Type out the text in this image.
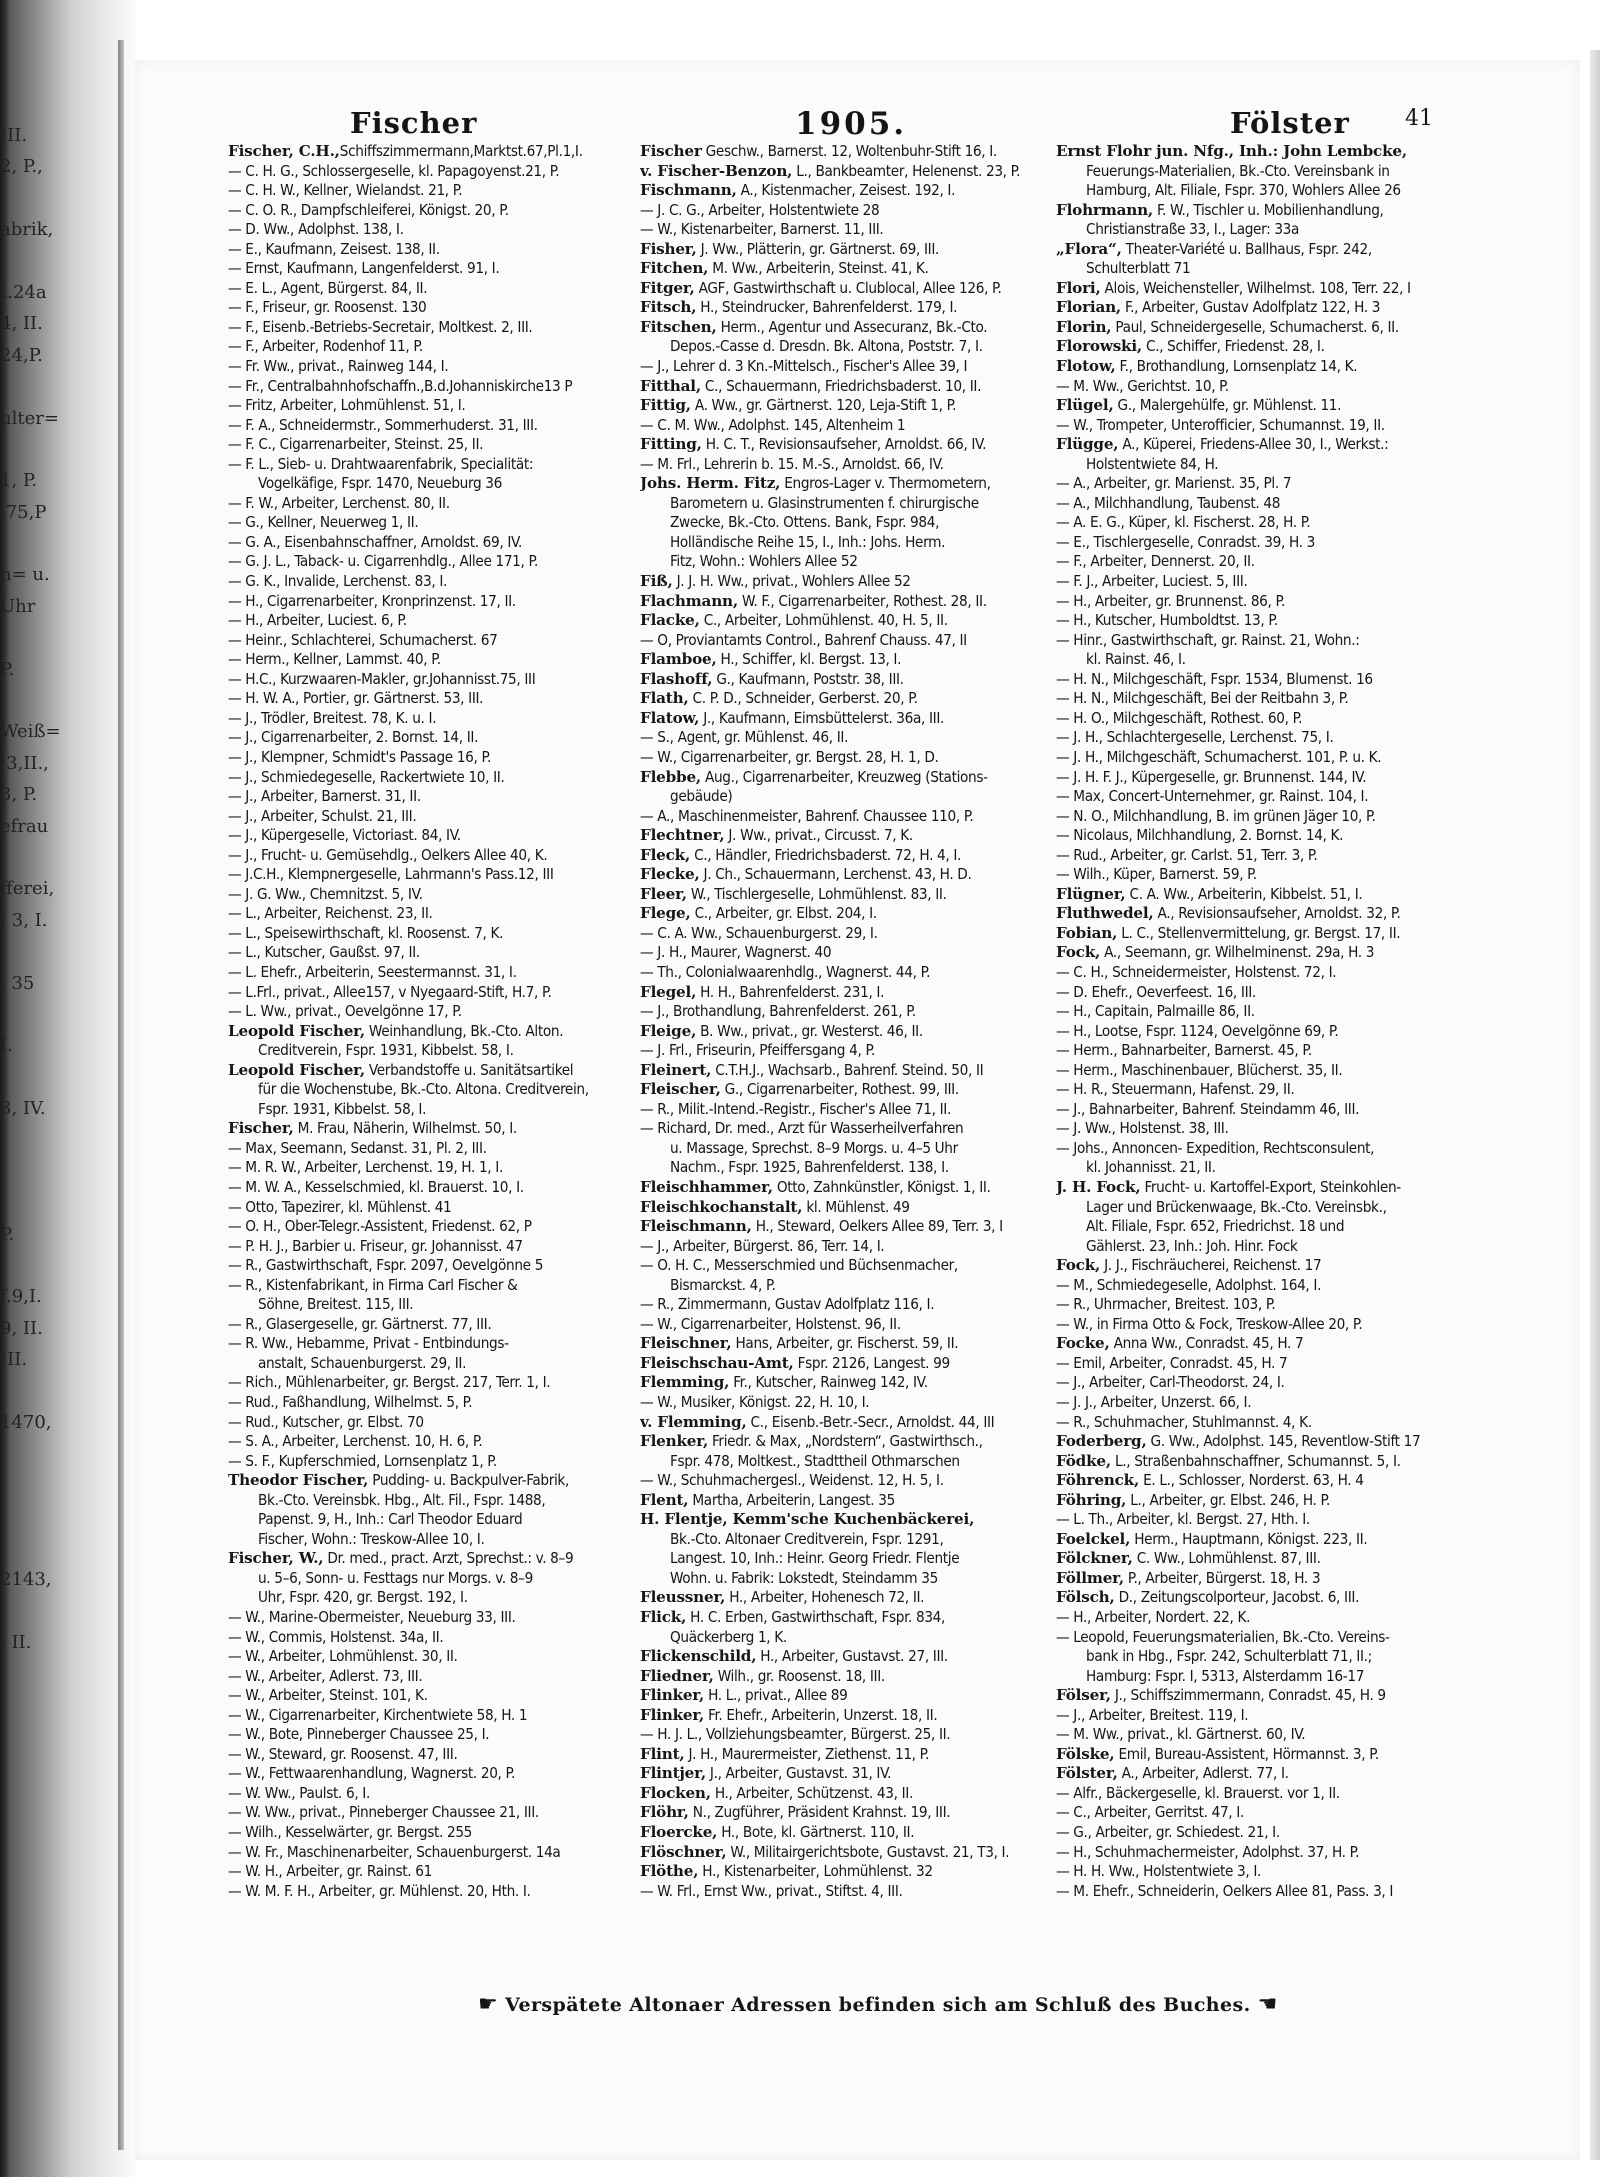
III.
2, P.,
abrik,
t.24a
4, II.
24,P.
ulter=
1, P.
.75,P
n= u.
Uhr
P.
Weiß=
:3,II.,
3, P.
efrau
fferei,
: 3, I.
. 35
I.
3, IV.
P.
f.9,I.
9, II.
III.
1470,
2143,
. II.
Fischer	1905.	Fölster	41
Fischer, C.H.,Schiffszimmermann,Marktst.67,Pl.1,I.
— C. H. G., Schlossergeselle, kl. Papagoyenst.21, P.
— C. H. W., Kellner, Wielandst. 21, P.
— C. O. R., Dampfschleiferei, Königst. 20, P.
— D. Ww., Adolphst. 138, I.
— E., Kaufmann, Zeisest. 138, II.
— Ernst, Kaufmann, Langenfelderst. 91, I.
— E. L., Agent, Bürgerst. 84, II.
— F., Friseur, gr. Roosenst. 130
— F., Eisenb.-Betriebs-Secretair, Moltkest. 2, III.
— F., Arbeiter, Rodenhof 11, P.
— Fr. Ww., privat., Rainweg 144, I.
— Fr., Centralbahnhofschaffn.,B.d.Johanniskirche13 P
— Fritz, Arbeiter, Lohmühlenst. 51, I.
— F. A., Schneidermstr., Sommerhuderst. 31, III.
— F. C., Cigarrenarbeiter, Steinst. 25, II.
— F. L., Sieb- u. Drahtwaarenfabrik, Specialität:
Vogelkäfige, Fspr. 1470, Neueburg 36
— F. W., Arbeiter, Lerchenst. 80, II.
— G., Kellner, Neuerweg 1, II.
— G. A., Eisenbahnschaffner, Arnoldst. 69, IV.
— G. J. L., Taback- u. Cigarrenhdlg., Allee 171, P.
— G. K., Invalide, Lerchenst. 83, I.
— H., Cigarrenarbeiter, Kronprinzenst. 17, II.
— H., Arbeiter, Luciest. 6, P.
— Heinr., Schlachterei, Schumacherst. 67
— Herm., Kellner, Lammst. 40, P.
— H.C., Kurzwaaren-Makler, gr.Johannisst.75, III
— H. W. A., Portier, gr. Gärtnerst. 53, III.
— J., Trödler, Breitest. 78, K. u. I.
— J., Cigarrenarbeiter, 2. Bornst. 14, II.
— J., Klempner, Schmidt's Passage 16, P.
— J., Schmiedegeselle, Rackertwiete 10, II.
— J., Arbeiter, Barnerst. 31, II.
— J., Arbeiter, Schulst. 21, III.
— J., Küpergeselle, Victoriast. 84, IV.
— J., Frucht- u. Gemüsehdlg., Oelkers Allee 40, K.
— J.C.H., Klempnergeselle, Lahrmann's Pass.12, III
— J. G. Ww., Chemnitzst. 5, IV.
— L., Arbeiter, Reichenst. 23, II.
— L., Speisewirthschaft, kl. Roosenst. 7, K.
— L., Kutscher, Gaußst. 97, II.
— L. Ehefr., Arbeiterin, Seestermannst. 31, I.
— L.Frl., privat., Allee157, v Nyegaard-Stift, H.7, P.
— L. Ww., privat., Oevelgönne 17, P.
Leopold Fischer, Weinhandlung, Bk.-Cto. Alton.
Creditverein, Fspr. 1931, Kibbelst. 58, I.
Leopold Fischer, Verbandstoffe u. Sanitätsartikel
für die Wochenstube, Bk.-Cto. Altona. Creditverein,
Fspr. 1931, Kibbelst. 58, I.
Fischer, M. Frau, Näherin, Wilhelmst. 50, I.
— Max, Seemann, Sedanst. 31, Pl. 2, III.
— M. R. W., Arbeiter, Lerchenst. 19, H. 1, I.
— M. W. A., Kesselschmied, kl. Brauerst. 10, I.
— Otto, Tapezirer, kl. Mühlenst. 41
— O. H., Ober-Telegr.-Assistent, Friedenst. 62, P
— P. H. J., Barbier u. Friseur, gr. Johannisst. 47
— R., Gastwirthschaft, Fspr. 2097, Oevelgönne 5
— R., Kistenfabrikant, in Firma Carl Fischer &
Söhne, Breitest. 115, III.
— R., Glasergeselle, gr. Gärtnerst. 77, III.
— R. Ww., Hebamme, Privat - Entbindungs-
anstalt, Schauenburgerst. 29, II.
— Rich., Mühlenarbeiter, gr. Bergst. 217, Terr. 1, I.
— Rud., Faßhandlung, Wilhelmst. 5, P.
— Rud., Kutscher, gr. Elbst. 70
— S. A., Arbeiter, Lerchenst. 10, H. 6, P.
— S. F., Kupferschmied, Lornsenplatz 1, P.
Theodor Fischer, Pudding- u. Backpulver-Fabrik,
Bk.-Cto. Vereinsbk. Hbg., Alt. Fil., Fspr. 1488,
Papenst. 9, H., Inh.: Carl Theodor Eduard
Fischer, Wohn.: Treskow-Allee 10, I.
Fischer, W., Dr. med., pract. Arzt, Sprechst.: v. 8–9
u. 5–6, Sonn- u. Festtags nur Morgs. v. 8–9
Uhr, Fspr. 420, gr. Bergst. 192, I.
— W., Marine-Obermeister, Neueburg 33, III.
— W., Commis, Holstenst. 34a, II.
— W., Arbeiter, Lohmühlenst. 30, II.
— W., Arbeiter, Adlerst. 73, III.
— W., Arbeiter, Steinst. 101, K.
— W., Cigarrenarbeiter, Kirchentwiete 58, H. 1
— W., Bote, Pinneberger Chaussee 25, I.
— W., Steward, gr. Roosenst. 47, III.
— W., Fettwaarenhandlung, Wagnerst. 20, P.
— W. Ww., Paulst. 6, I.
— W. Ww., privat., Pinneberger Chaussee 21, III.
— Wilh., Kesselwärter, gr. Bergst. 255
— W. Fr., Maschinenarbeiter, Schauenburgerst. 14a
— W. H., Arbeiter, gr. Rainst. 61
— W. M. F. H., Arbeiter, gr. Mühlenst. 20, Hth. I.
Fischer Geschw., Barnerst. 12, Woltenbuhr-Stift 16, I.
v. Fischer-Benzon, L., Bankbeamter, Helenenst. 23, P.
Fischmann, A., Kistenmacher, Zeisest. 192, I.
— J. C. G., Arbeiter, Holstentwiete 28
— W., Kistenarbeiter, Barnerst. 11, III.
Fisher, J. Ww., Plätterin, gr. Gärtnerst. 69, III.
Fitchen, M. Ww., Arbeiterin, Steinst. 41, K.
Fitger, AGF, Gastwirthschaft u. Clublocal, Allee 126, P.
Fitsch, H., Steindrucker, Bahrenfelderst. 179, I.
Fitschen, Herm., Agentur und Assecuranz, Bk.-Cto.
Depos.-Casse d. Dresdn. Bk. Altona, Poststr. 7, I.
— J., Lehrer d. 3 Kn.-Mittelsch., Fischer's Allee 39, I
Fitthal, C., Schauermann, Friedrichsbaderst. 10, II.
Fittig, A. Ww., gr. Gärtnerst. 120, Leja-Stift 1, P.
— C. M. Ww., Adolphst. 145, Altenheim 1
Fitting, H. C. T., Revisionsaufseher, Arnoldst. 66, IV.
— M. Frl., Lehrerin b. 15. M.-S., Arnoldst. 66, IV.
Johs. Herm. Fitz, Engros-Lager v. Thermometern,
Barometern u. Glasinstrumenten f. chirurgische
Zwecke, Bk.-Cto. Ottens. Bank, Fspr. 984,
Holländische Reihe 15, I., Inh.: Johs. Herm.
Fitz, Wohn.: Wohlers Allee 52
Fiß, J. J. H. Ww., privat., Wohlers Allee 52
Flachmann, W. F., Cigarrenarbeiter, Rothest. 28, II.
Flacke, C., Arbeiter, Lohmühlenst. 40, H. 5, II.
— O, Proviantamts Control., Bahrenf Chauss. 47, II
Flamboe, H., Schiffer, kl. Bergst. 13, I.
Flashoff, G., Kaufmann, Poststr. 38, III.
Flath, C. P. D., Schneider, Gerberst. 20, P.
Flatow, J., Kaufmann, Eimsbüttelerst. 36a, III.
— S., Agent, gr. Mühlenst. 46, II.
— W., Cigarrenarbeiter, gr. Bergst. 28, H. 1, D.
Flebbe, Aug., Cigarrenarbeiter, Kreuzweg (Stations-
gebäude)
— A., Maschinenmeister, Bahrenf. Chaussee 110, P.
Flechtner, J. Ww., privat., Circusst. 7, K.
Fleck, C., Händler, Friedrichsbaderst. 72, H. 4, I.
Flecke, J. Ch., Schauermann, Lerchenst. 43, H. D.
Fleer, W., Tischlergeselle, Lohmühlenst. 83, II.
Flege, C., Arbeiter, gr. Elbst. 204, I.
— C. A. Ww., Schauenburgerst. 29, I.
— J. H., Maurer, Wagnerst. 40
— Th., Colonialwaarenhdlg., Wagnerst. 44, P.
Flegel, H. H., Bahrenfelderst. 231, I.
— J., Brothandlung, Bahrenfelderst. 261, P.
Fleige, B. Ww., privat., gr. Westerst. 46, II.
— J. Frl., Friseurin, Pfeiffersgang 4, P.
Fleinert, C.T.H.J., Wachsarb., Bahrenf. Steind. 50, II
Fleischer, G., Cigarrenarbeiter, Rothest. 99, III.
— R., Milit.-Intend.-Registr., Fischer's Allee 71, II.
— Richard, Dr. med., Arzt für Wasserheilverfahren
u. Massage, Sprechst. 8–9 Morgs. u. 4–5 Uhr
Nachm., Fspr. 1925, Bahrenfelderst. 138, I.
Fleischhammer, Otto, Zahnkünstler, Königst. 1, II.
Fleischkochanstalt, kl. Mühlenst. 49
Fleischmann, H., Steward, Oelkers Allee 89, Terr. 3, I
— J., Arbeiter, Bürgerst. 86, Terr. 14, I.
— O. H. C., Messerschmied und Büchsenmacher,
Bismarckst. 4, P.
— R., Zimmermann, Gustav Adolfplatz 116, I.
— W., Cigarrenarbeiter, Holstenst. 96, II.
Fleischner, Hans, Arbeiter, gr. Fischerst. 59, II.
Fleischschau-Amt, Fspr. 2126, Langest. 99
Flemming, Fr., Kutscher, Rainweg 142, IV.
— W., Musiker, Königst. 22, H. 10, I.
v. Flemming, C., Eisenb.-Betr.-Secr., Arnoldst. 44, III
Flenker, Friedr. & Max, „Nordstern“, Gastwirthsch.,
Fspr. 478, Moltkest., Stadttheil Othmarschen
— W., Schuhmachergesl., Weidenst. 12, H. 5, I.
Flent, Martha, Arbeiterin, Langest. 35
H. Flentje, Kemm'sche Kuchenbäckerei,
Bk.-Cto. Altonaer Creditverein, Fspr. 1291,
Langest. 10, Inh.: Heinr. Georg Friedr. Flentje
Wohn. u. Fabrik: Lokstedt, Steindamm 35
Fleussner, H., Arbeiter, Hohenesch 72, II.
Flick, H. C. Erben, Gastwirthschaft, Fspr. 834,
Quäckerberg 1, K.
Flickenschild, H., Arbeiter, Gustavst. 27, III.
Fliedner, Wilh., gr. Roosenst. 18, III.
Flinker, H. L., privat., Allee 89
Flinker, Fr. Ehefr., Arbeiterin, Unzerst. 18, II.
— H. J. L., Vollziehungsbeamter, Bürgerst. 25, II.
Flint, J. H., Maurermeister, Ziethenst. 11, P.
Flintjer, J., Arbeiter, Gustavst. 31, IV.
Flocken, H., Arbeiter, Schützenst. 43, II.
Flöhr, N., Zugführer, Präsident Krahnst. 19, III.
Floercke, H., Bote, kl. Gärtnerst. 110, II.
Flöschner, W., Militairgerichtsbote, Gustavst. 21, T3, I.
Flöthe, H., Kistenarbeiter, Lohmühlenst. 32
— W. Frl., Ernst Ww., privat., Stiftst. 4, III.
Ernst Flohr jun. Nfg., Inh.: John Lembcke,
Feuerungs-Materialien, Bk.-Cto. Vereinsbank in
Hamburg, Alt. Filiale, Fspr. 370, Wohlers Allee 26
Flohrmann, F. W., Tischler u. Mobilienhandlung,
Christianstraße 33, I., Lager: 33a
„Flora“, Theater-Variété u. Ballhaus, Fspr. 242,
Schulterblatt 71
Flori, Alois, Weichensteller, Wilhelmst. 108, Terr. 22, I
Florian, F., Arbeiter, Gustav Adolfplatz 122, H. 3
Florin, Paul, Schneidergeselle, Schumacherst. 6, II.
Florowski, C., Schiffer, Friedenst. 28, I.
Flotow, F., Brothandlung, Lornsenplatz 14, K.
— M. Ww., Gerichtst. 10, P.
Flügel, G., Malergehülfe, gr. Mühlenst. 11.
— W., Trompeter, Unterofficier, Schumannst. 19, II.
Flügge, A., Küperei, Friedens-Allee 30, I., Werkst.:
Holstentwiete 84, H.
— A., Arbeiter, gr. Marienst. 35, Pl. 7
— A., Milchhandlung, Taubenst. 48
— A. E. G., Küper, kl. Fischerst. 28, H. P.
— E., Tischlergeselle, Conradst. 39, H. 3
— F., Arbeiter, Dennerst. 20, II.
— F. J., Arbeiter, Luciest. 5, III.
— H., Arbeiter, gr. Brunnenst. 86, P.
— H., Kutscher, Humboldtst. 13, P.
— Hinr., Gastwirthschaft, gr. Rainst. 21, Wohn.:
kl. Rainst. 46, I.
— H. N., Milchgeschäft, Fspr. 1534, Blumenst. 16
— H. N., Milchgeschäft, Bei der Reitbahn 3, P.
— H. O., Milchgeschäft, Rothest. 60, P.
— J. H., Schlachtergeselle, Lerchenst. 75, I.
— J. H., Milchgeschäft, Schumacherst. 101, P. u. K.
— J. H. F. J., Küpergeselle, gr. Brunnenst. 144, IV.
— Max, Concert-Unternehmer, gr. Rainst. 104, I.
— N. O., Milchhandlung, B. im grünen Jäger 10, P.
— Nicolaus, Milchhandlung, 2. Bornst. 14, K.
— Rud., Arbeiter, gr. Carlst. 51, Terr. 3, P.
— Wilh., Küper, Barnerst. 59, P.
Flügner, C. A. Ww., Arbeiterin, Kibbelst. 51, I.
Fluthwedel, A., Revisionsaufseher, Arnoldst. 32, P.
Fobian, L. C., Stellenvermittelung, gr. Bergst. 17, II.
Fock, A., Seemann, gr. Wilhelminenst. 29a, H. 3
— C. H., Schneidermeister, Holstenst. 72, I.
— D. Ehefr., Oeverfeest. 16, III.
— H., Capitain, Palmaille 86, II.
— H., Lootse, Fspr. 1124, Oevelgönne 69, P.
— Herm., Bahnarbeiter, Barnerst. 45, P.
— Herm., Maschinenbauer, Blücherst. 35, II.
— H. R., Steuermann, Hafenst. 29, II.
— J., Bahnarbeiter, Bahrenf. Steindamm 46, III.
— J. Ww., Holstenst. 38, III.
— Johs., Annoncen- Expedition, Rechtsconsulent,
kl. Johannisst. 21, II.
J. H. Fock, Frucht- u. Kartoffel-Export, Steinkohlen-
Lager und Brückenwaage, Bk.-Cto. Vereinsbk.,
Alt. Filiale, Fspr. 652, Friedrichst. 18 und
Gählerst. 23, Inh.: Joh. Hinr. Fock
Fock, J. J., Fischräucherei, Reichenst. 17
— M., Schmiedegeselle, Adolphst. 164, I.
— R., Uhrmacher, Breitest. 103, P.
— W., in Firma Otto & Fock, Treskow-Allee 20, P.
Focke, Anna Ww., Conradst. 45, H. 7
— Emil, Arbeiter, Conradst. 45, H. 7
— J., Arbeiter, Carl-Theodorst. 24, I.
— J. J., Arbeiter, Unzerst. 66, I.
— R., Schuhmacher, Stuhlmannst. 4, K.
Foderberg, G. Ww., Adolphst. 145, Reventlow-Stift 17
Födke, L., Straßenbahnschaffner, Schumannst. 5, I.
Föhrenck, E. L., Schlosser, Norderst. 63, H. 4
Föhring, L., Arbeiter, gr. Elbst. 246, H. P.
— L. Th., Arbeiter, kl. Bergst. 27, Hth. I.
Foelckel, Herm., Hauptmann, Königst. 223, II.
Fölckner, C. Ww., Lohmühlenst. 87, III.
Föllmer, P., Arbeiter, Bürgerst. 18, H. 3
Fölsch, D., Zeitungscolporteur, Jacobst. 6, III.
— H., Arbeiter, Nordert. 22, K.
— Leopold, Feuerungsmaterialien, Bk.-Cto. Vereins-
bank in Hbg., Fspr. 242, Schulterblatt 71, II.;
Hamburg: Fspr. I, 5313, Alsterdamm 16-17
Fölser, J., Schiffszimmermann, Conradst. 45, H. 9
— J., Arbeiter, Breitest. 119, I.
— M. Ww., privat., kl. Gärtnerst. 60, IV.
Fölske, Emil, Bureau-Assistent, Hörmannst. 3, P.
Fölster, A., Arbeiter, Adlerst. 77, I.
— Alfr., Bäckergeselle, kl. Brauerst. vor 1, II.
— C., Arbeiter, Gerritst. 47, I.
— G., Arbeiter, gr. Schiedest. 21, I.
— H., Schuhmachermeister, Adolphst. 37, H. P.
— H. H. Ww., Holstentwiete 3, I.
— M. Ehefr., Schneiderin, Oelkers Allee 81, Pass. 3, I
☛ Verspätete Altonaer Adressen befinden sich am Schluß des Buches. ☚
